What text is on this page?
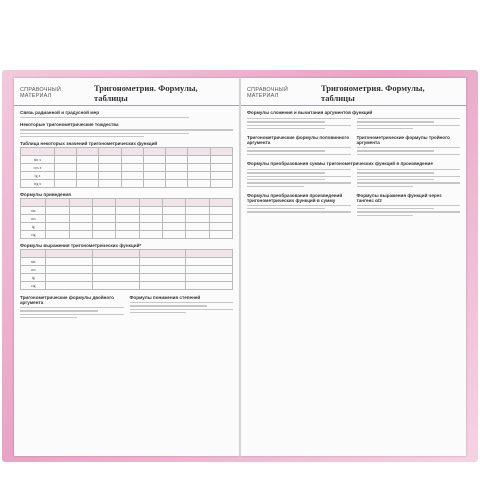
СПРАВОЧНЫЙ МАТЕРИАЛ
Тригонометрия. Формулы, таблицы
Связь радианной и градусной мер
Некоторые тригонометрические тождества
Таблица некоторых значений тригонометрических функций

sin x								
cos x								
tg x								
ctg x								
Формулы приведения

sin								
cos								
tg								
ctg								
Формулы выражения тригонометрических функций*

sin				
cos				
tg				
ctg				
Тригонометрические формулы двойного аргумента
Формулы понижения степеней
СПРАВОЧНЫЙ МАТЕРИАЛ
Тригонометрия. Формулы, таблицы
Формулы сложения и вычитания аргументов функций
Тригонометрические формулы половинного аргумента
Тригонометрические формулы тройного аргумента
Формулы преобразования суммы тригонометрических функций в произведение
Формулы преобразования произведений тригонометрических функций в сумму
Формулы выражения функций через тангенс α/2
